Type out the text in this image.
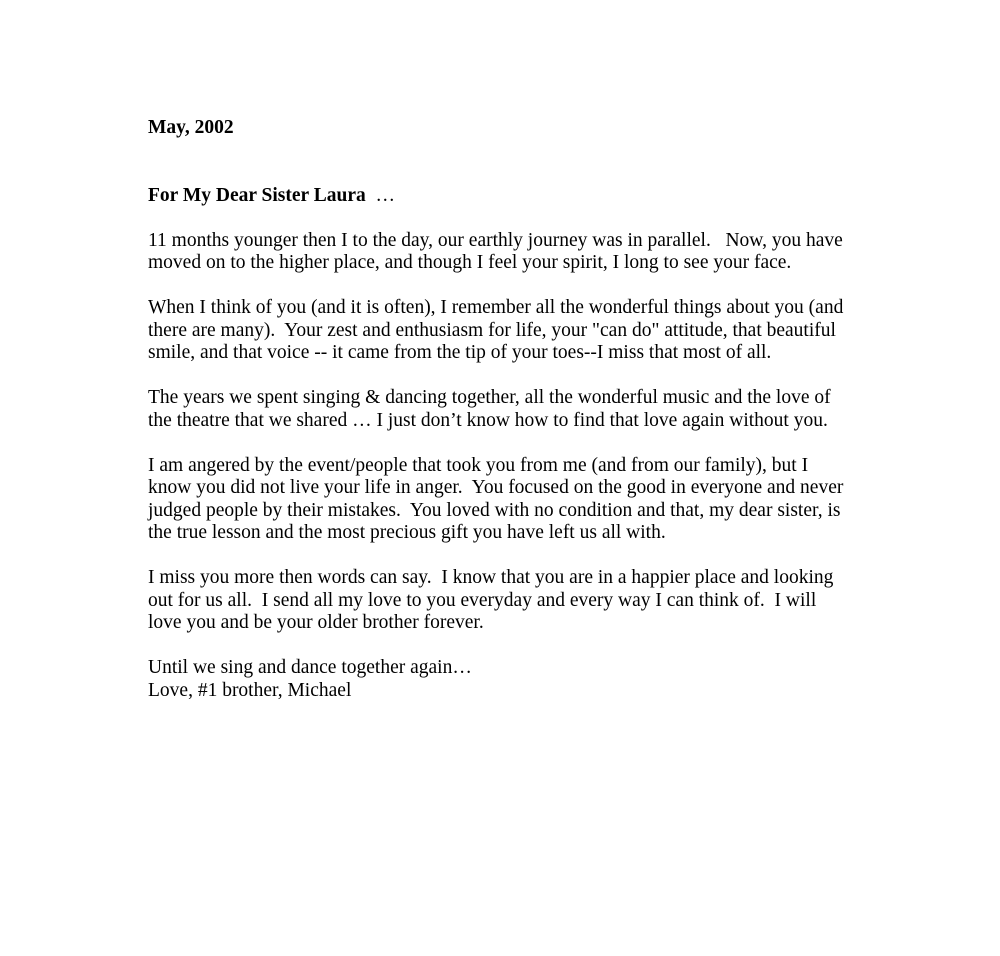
May, 2002
For My Dear Sister Laura  …
11 months younger then I to the day, our earthly journey was in parallel.   Now, you have
moved on to the higher place, and though I feel your spirit, I long to see your face.
When I think of you (and it is often), I remember all the wonderful things about you (and
there are many).  Your zest and enthusiasm for life, your "can do" attitude, that beautiful
smile, and that voice -- it came from the tip of your toes--I miss that most of all.
The years we spent singing & dancing together, all the wonderful music and the love of
the theatre that we shared … I just don’t know how to find that love again without you.
I am angered by the event/people that took you from me (and from our family), but I
know you did not live your life in anger.  You focused on the good in everyone and never
judged people by their mistakes.  You loved with no condition and that, my dear sister, is
the true lesson and the most precious gift you have left us all with.
I miss you more then words can say.  I know that you are in a happier place and looking
out for us all.  I send all my love to you everyday and every way I can think of.  I will
love you and be your older brother forever.
Until we sing and dance together again…
Love, #1 brother, Michael
